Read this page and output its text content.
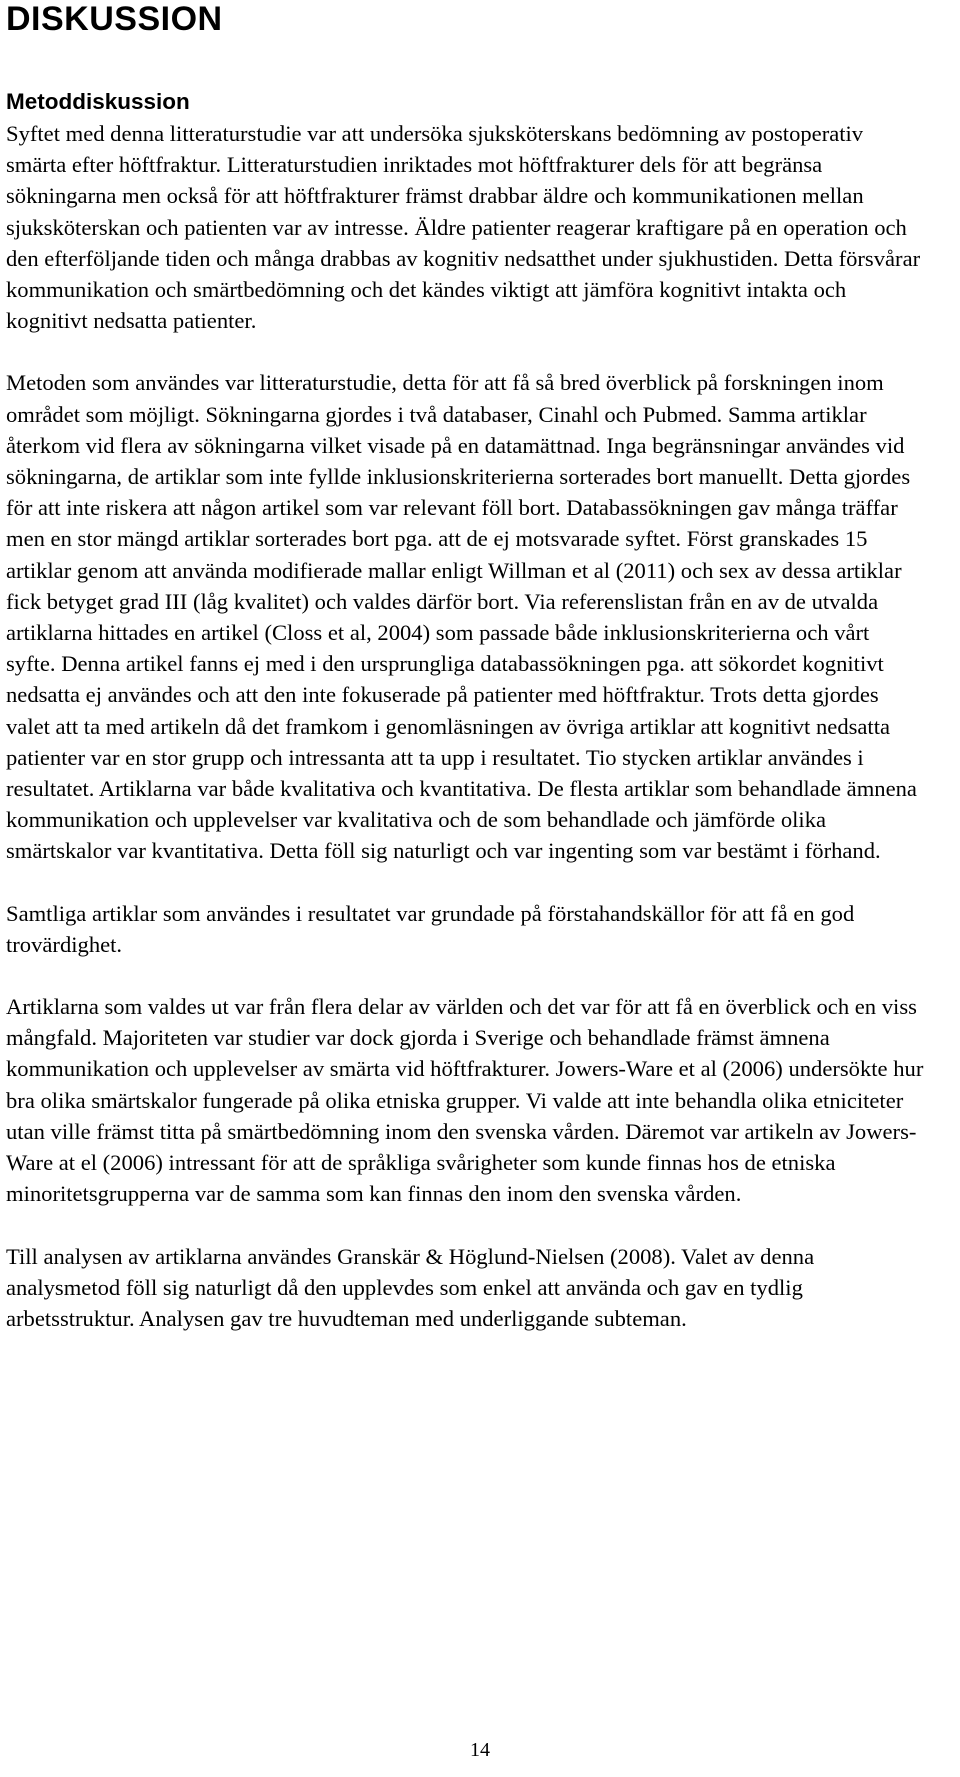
DISKUSSION
Metoddiskussion

Syftet med denna litteraturstudie var att undersöka sjuksköterskans bedömning av postoperativ smärta efter höftfraktur. Litteraturstudien inriktades mot höftfrakturer dels för att begränsa sökningarna men också för att höftfrakturer främst drabbar äldre och kommunikationen mellan sjuksköterskan och patienten var av intresse. Äldre patienter reagerar kraftigare på en operation och den efterföljande tiden och många drabbas av kognitiv nedsatthet under sjukhustiden. Detta försvårar kommunikation och smärtbedömning och det kändes viktigt att jämföra kognitivt intakta och kognitivt nedsatta patienter.

Metoden som användes var litteraturstudie, detta för att få så bred överblick på forskningen inom området som möjligt. Sökningarna gjordes i två databaser, Cinahl och Pubmed. Samma artiklar återkom vid flera av sökningarna vilket visade på en datamättnad. Inga begränsningar användes vid sökningarna, de artiklar som inte fyllde inklusionskriterierna sorterades bort manuellt. Detta gjordes för att inte riskera att någon artikel som var relevant föll bort. Databassökningen gav många träffar men en stor mängd artiklar sorterades bort pga. att de ej motsvarade syftet. Först granskades 15 artiklar genom att använda modifierade mallar enligt Willman et al (2011) och sex av dessa artiklar fick betyget grad III (låg kvalitet) och valdes därför bort. Via referenslistan från en av de utvalda artiklarna hittades en artikel (Closs et al, 2004) som passade både inklusionskriterierna och vårt syfte. Denna artikel fanns ej med i den ursprungliga databassökningen pga. att sökordet kognitivt nedsatta ej användes och att den inte fokuserade på patienter med höftfraktur. Trots detta gjordes valet att ta med artikeln då det framkom i genomläsningen av övriga artiklar att kognitivt nedsatta patienter var en stor grupp och intressanta att ta upp i resultatet. Tio stycken artiklar användes i resultatet. Artiklarna var både kvalitativa och kvantitativa. De flesta artiklar som behandlade ämnena kommunikation och upplevelser var kvalitativa och de som behandlade och jämförde olika smärtskalor var kvantitativa. Detta föll sig naturligt och var ingenting som var bestämt i förhand.

Samtliga artiklar som användes i resultatet var grundade på förstahandskällor för att få en god trovärdighet.

Artiklarna som valdes ut var från flera delar av världen och det var för att få en överblick och en viss mångfald. Majoriteten var studier var dock gjorda i Sverige och behandlade främst ämnena kommunikation och upplevelser av smärta vid höftfrakturer. Jowers-Ware et al (2006) undersökte hur bra olika smärtskalor fungerade på olika etniska grupper. Vi valde att inte behandla olika etniciteter utan ville främst titta på smärtbedömning inom den svenska vården. Däremot var artikeln av Jowers-Ware at el (2006) intressant för att de språkliga svårigheter som kunde finnas hos de etniska minoritetsgrupperna var de samma som kan finnas den inom den svenska vården.

Till analysen av artiklarna användes Granskär & Höglund-Nielsen (2008). Valet av denna analysmetod föll sig naturligt då den upplevdes som enkel att använda och gav en tydlig arbetsstruktur. Analysen gav tre huvudteman med underliggande subteman.

14
